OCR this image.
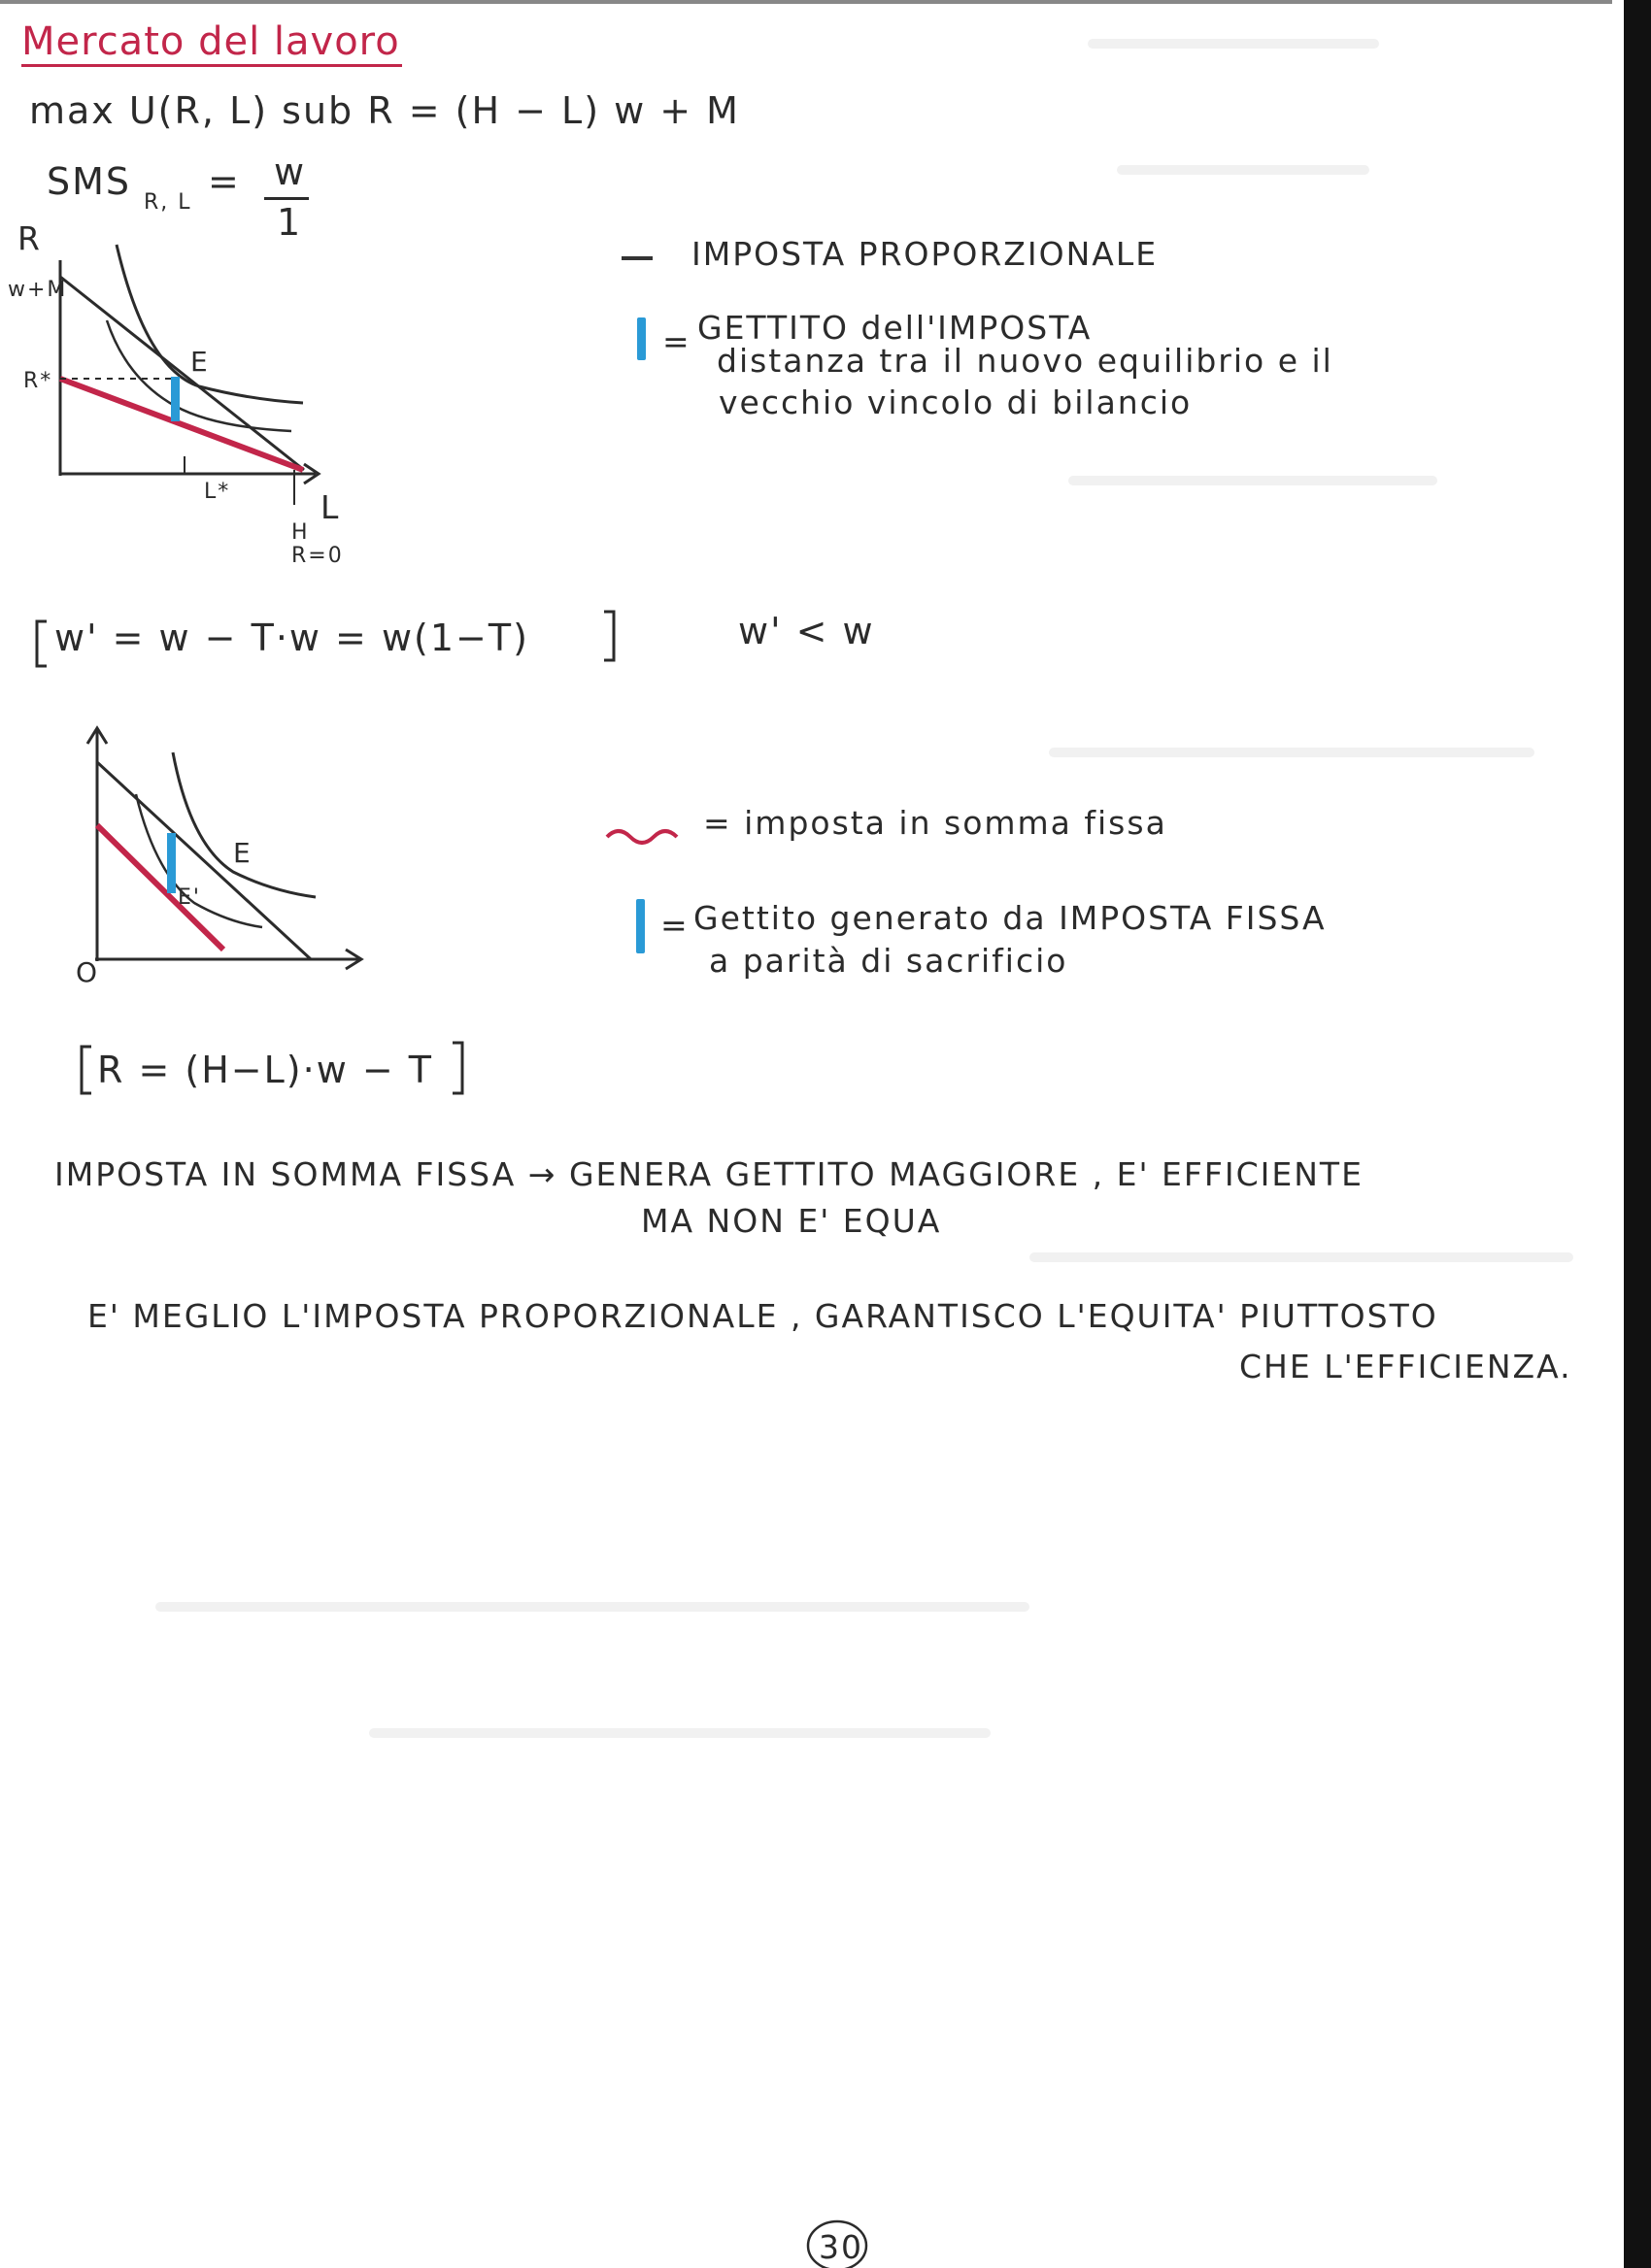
Mercato del lavoro
max U(R, L) sub R = (H − L) w + M
SMS R, L = w
1
R
w+M
R*
E
L*	L
H
R=0
E
E'
O
IMPOSTA PROPORZIONALE
= GETTITO dell'IMPOSTA
distanza tra il nuovo equilibrio e il
vecchio vincolo di bilancio
w' = w − T·w = w(1−T)	w' < w
= imposta in somma fissa
= Gettito generato da IMPOSTA FISSA
a parità di sacrificio
R = (H−L)·w − T
IMPOSTA IN SOMMA FISSA → GENERA GETTITO MAGGIORE , E' EFFICIENTE
MA NON E' EQUA
E' MEGLIO L'IMPOSTA PROPORZIONALE , GARANTISCO L'EQUITA' PIUTTOSTO
CHE L'EFFICIENZA.
30
